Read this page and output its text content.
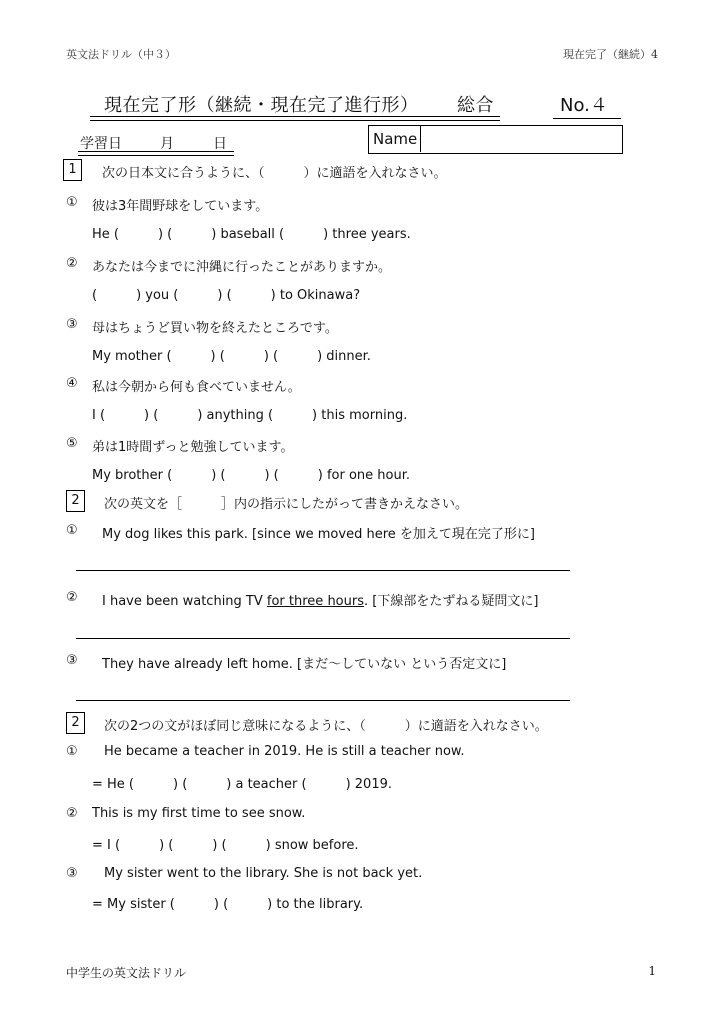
英文法ドリル（中３）	現在完了（継続）4
現在完了形（継続・現在完了進行形） 総合	No.４
学習日	月	日	Name
1	次の日本文に合うように、（　　　）に適語を入れなさい。
① 彼は3年間野球をしています。
He (　　　) (　　　) baseball (　　　) three years.
② あなたは今までに沖縄に行ったことがありますか。
(　　　) you (　　　) (　　　) to Okinawa?
③ 母はちょうど買い物を終えたところです。
My mother (　　　) (　　　) (　　　) dinner.
④ 私は今朝から何も食べていません。
I (　　　) (　　　) anything (　　　) this morning.
⑤ 弟は1時間ずっと勉強しています。
My brother (　　　) (　　　) (　　　) for one hour.
2	次の英文を［　　　］内の指示にしたがって書きかえなさい。
① My dog likes this park. [since we moved here を加えて現在完了形に]
② I have been watching TV for three hours. [下線部をたずねる疑問文に]
③ They have already left home. [まだ～していない という否定文に]
2	次の2つの文がほぼ同じ意味になるように、（　　　）に適語を入れなさい。
① He became a teacher in 2019. He is still a teacher now.
= He (　　　) (　　　) a teacher (　　　) 2019.
② This is my first time to see snow.
= I (　　　) (　　　) (　　　) snow before.
③ My sister went to the library. She is not back yet.
= My sister (　　　) (　　　) to the library.
中学生の英文法ドリル	1
